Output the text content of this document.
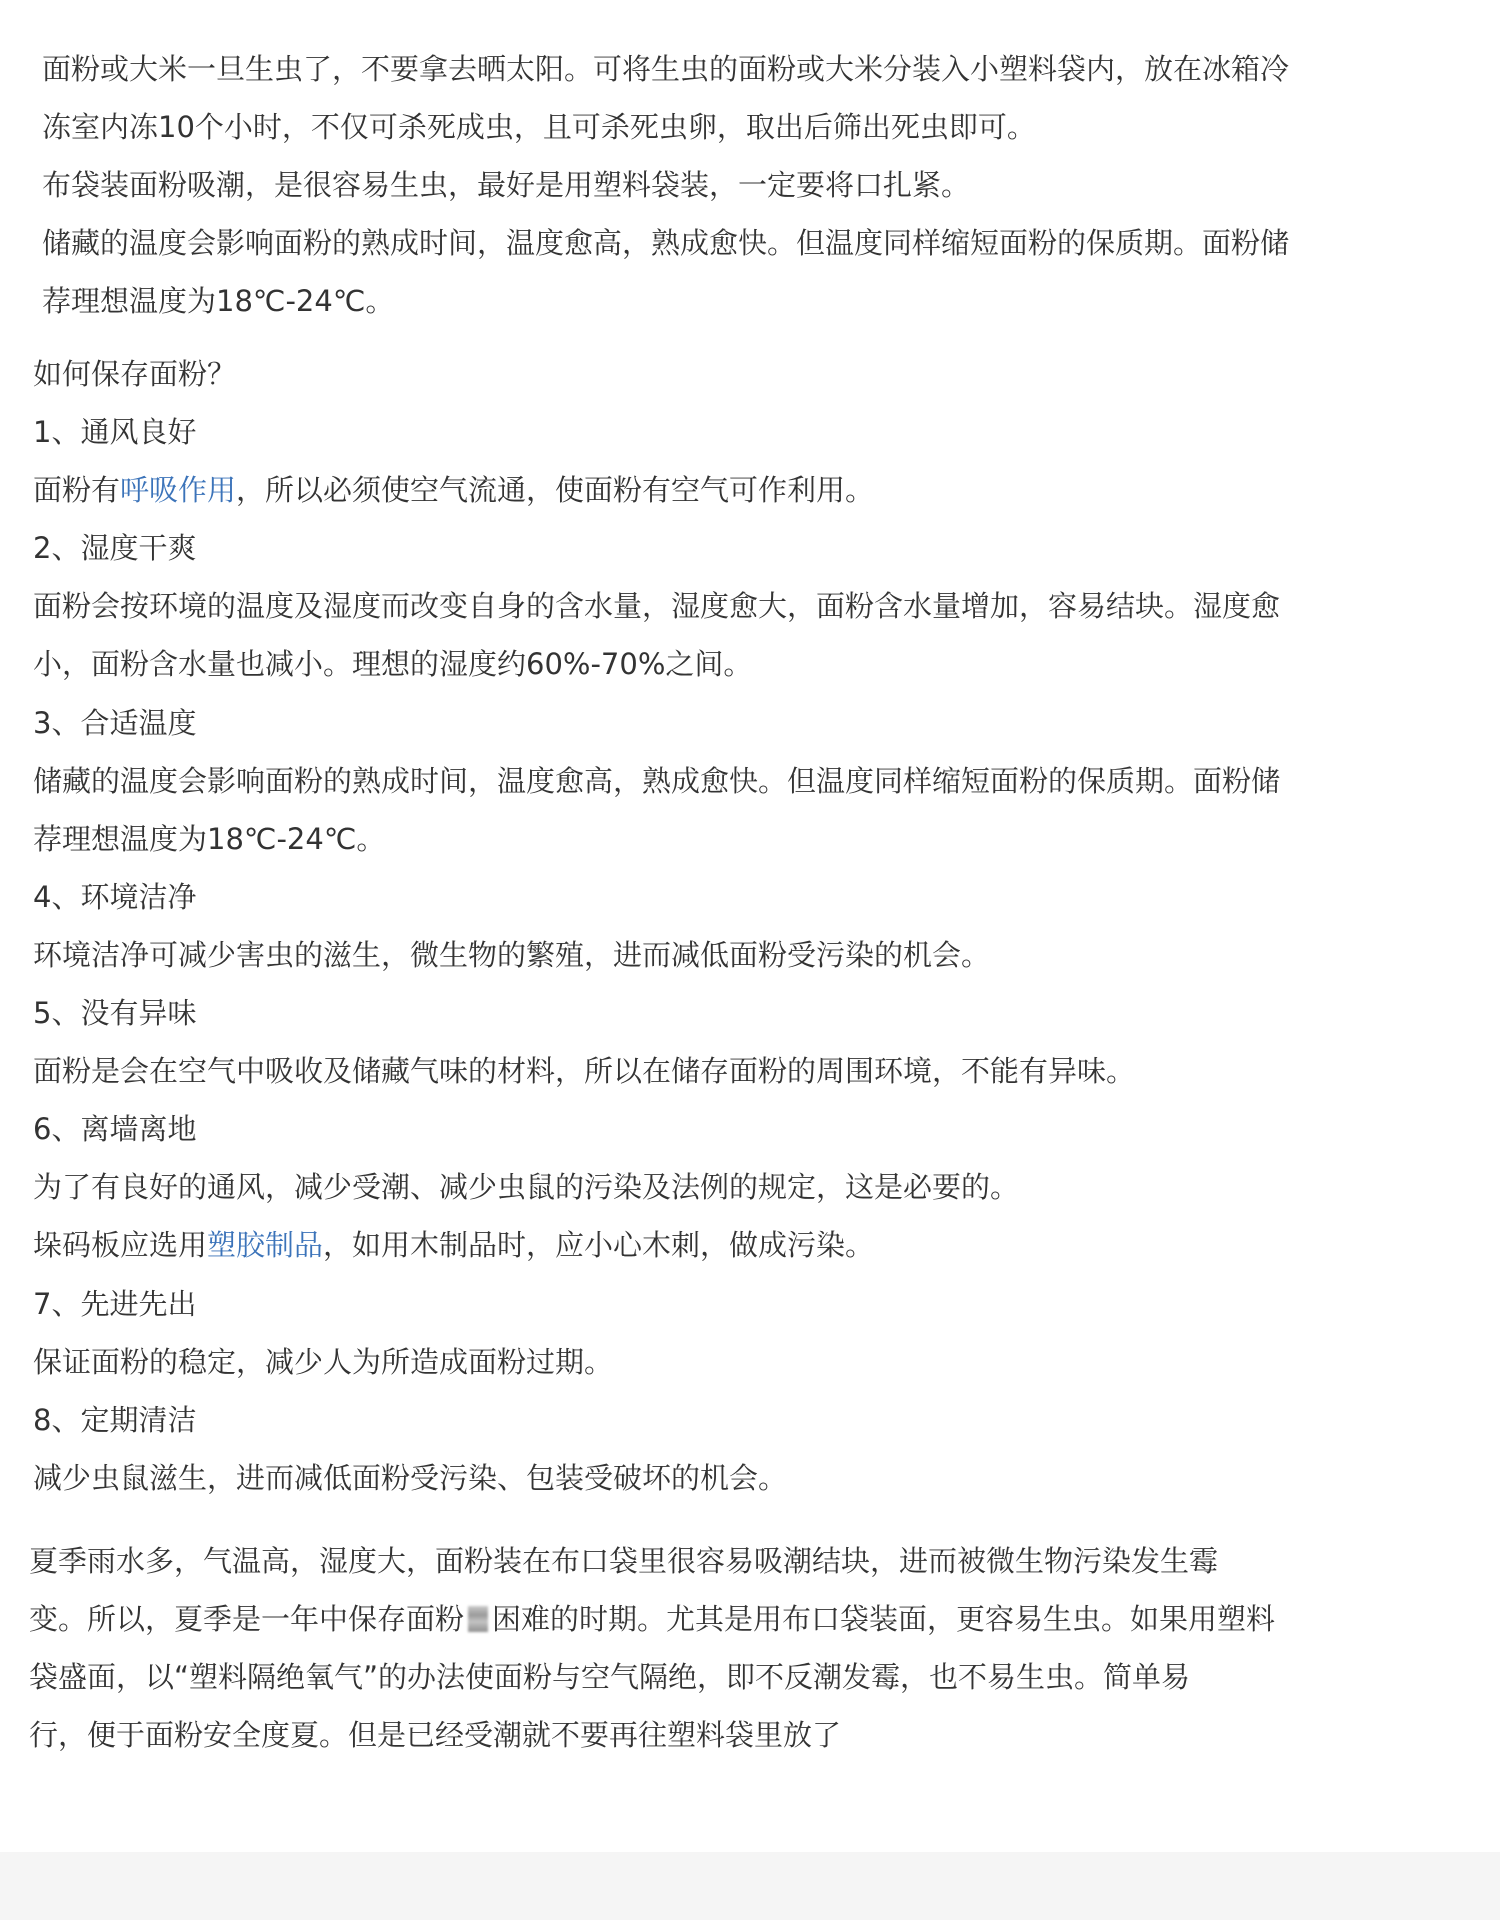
面粉或大米一旦生虫了，不要拿去晒太阳。可将生虫的面粉或大米分装入小塑料袋内，放在冰箱冷

冻室内冻10个小时，不仅可杀死成虫，且可杀死虫卵，取出后筛出死虫即可。

布袋装面粉吸潮，是很容易生虫，最好是用塑料袋装，一定要将口扎紧。

储藏的温度会影响面粉的熟成时间，温度愈高，熟成愈快。但温度同样缩短面粉的保质期。面粉储

荐理想温度为18℃-24℃。

如何保存面粉？

1、通风良好

面粉有呼吸作用，所以必须使空气流通，使面粉有空气可作利用。

2、湿度干爽

面粉会按环境的温度及湿度而改变自身的含水量，湿度愈大，面粉含水量增加，容易结块。湿度愈

小，面粉含水量也减小。理想的湿度约60%-70%之间。

3、合适温度

储藏的温度会影响面粉的熟成时间，温度愈高，熟成愈快。但温度同样缩短面粉的保质期。面粉储

荐理想温度为18℃-24℃。

4、环境洁净

环境洁净可减少害虫的滋生，微生物的繁殖，进而减低面粉受污染的机会。

5、没有异味

面粉是会在空气中吸收及储藏气味的材料，所以在储存面粉的周围环境，不能有异味。

6、离墙离地

为了有良好的通风，减少受潮、减少虫鼠的污染及法例的规定，这是必要的。

垛码板应选用塑胶制品，如用木制品时，应小心木刺，做成污染。

7、先进先出

保证面粉的稳定，减少人为所造成面粉过期。

8、定期清洁

减少虫鼠滋生，进而减低面粉受污染、包装受破坏的机会。

夏季雨水多，气温高，湿度大，面粉装在布口袋里很容易吸潮结块，进而被微生物污染发生霉

变。所以，夏季是一年中保存面粉 困难的时期。尤其是用布口袋装面，更容易生虫。如果用塑料

袋盛面，以“塑料隔绝氧气”的办法使面粉与空气隔绝，即不反潮发霉，也不易生虫。简单易

行，便于面粉安全度夏。但是已经受潮就不要再往塑料袋里放了
